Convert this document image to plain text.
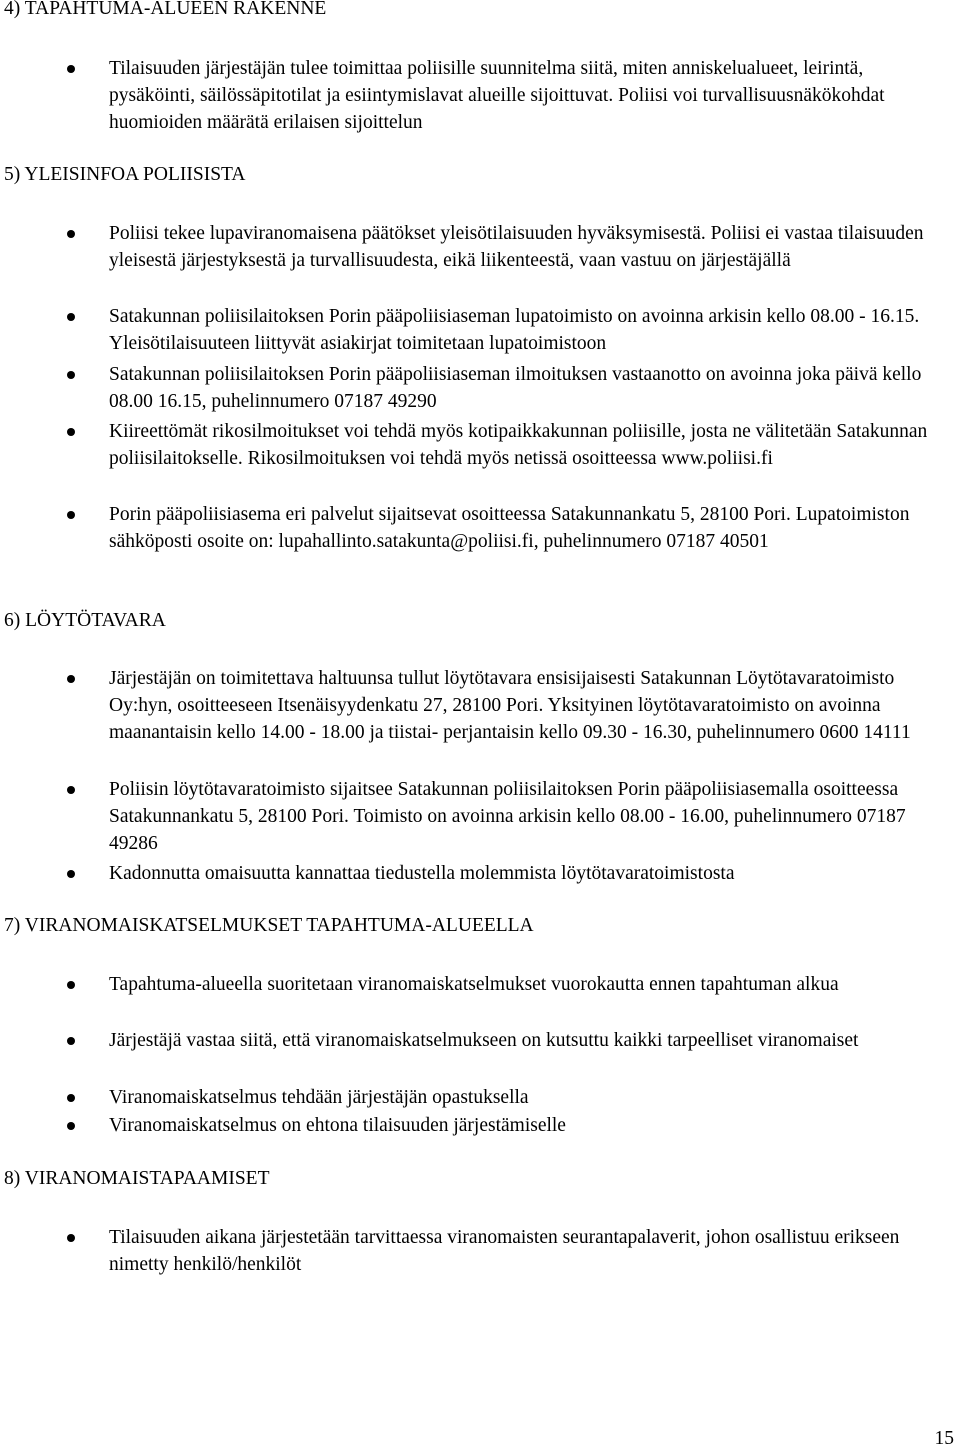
4) TAPAHTUMA-ALUEEN RAKENNE
Tilaisuuden järjestäjän tulee toimittaa poliisille suunnitelma siitä, miten anniskelualueet, leirintä, pysäköinti, säilössäpitotilat ja esiintymislavat alueille sijoittuvat. Poliisi voi turvallisuusnäkökohdat huomioiden määrätä erilaisen sijoittelun
5) YLEISINFOA POLIISISTA
Poliisi tekee lupaviranomaisena päätökset yleisötilaisuuden hyväksymisestä. Poliisi ei vastaa tilaisuuden yleisestä järjestyksestä ja turvallisuudesta, eikä liikenteestä, vaan vastuu on järjestäjällä
Satakunnan poliisilaitoksen Porin pääpoliisiaseman lupatoimisto on avoinna arkisin kello 08.00 - 16.15. Yleisötilaisuuteen liittyvät asiakirjat toimitetaan lupatoimistoon
Satakunnan poliisilaitoksen Porin pääpoliisiaseman ilmoituksen vastaanotto on avoinna joka päivä kello 08.00 16.15, puhelinnumero 07187 49290
Kiireettömät rikosilmoitukset voi tehdä myös kotipaikkakunnan poliisille, josta ne välitetään Satakunnan poliisilaitokselle. Rikosilmoituksen voi tehdä myös netissä osoitteessa www.poliisi.fi
Porin pääpoliisiasema eri palvelut sijaitsevat osoitteessa Satakunnankatu 5, 28100 Pori. Lupatoimiston sähköposti osoite on: lupahallinto.satakunta@poliisi.fi, puhelinnumero 07187 40501
6) LÖYTÖTAVARA
Järjestäjän on toimitettava haltuunsa tullut löytötavara ensisijaisesti Satakunnan Löytötavaratoimisto Oy:hyn, osoitteeseen Itsenäisyydenkatu 27, 28100 Pori. Yksityinen löytötavaratoimisto on avoinna maanantaisin kello 14.00 - 18.00 ja tiistai- perjantaisin kello 09.30 - 16.30, puhelinnumero 0600 14111
Poliisin löytötavaratoimisto sijaitsee Satakunnan poliisilaitoksen Porin pääpoliisiasemalla osoitteessa Satakunnankatu 5, 28100 Pori. Toimisto on avoinna arkisin kello 08.00 - 16.00, puhelinnumero 07187 49286
Kadonnutta omaisuutta kannattaa tiedustella molemmista löytötavaratoimistosta
7) VIRANOMAISKATSELMUKSET TAPAHTUMA-ALUEELLA
Tapahtuma-alueella suoritetaan viranomaiskatselmukset vuorokautta ennen tapahtuman alkua
Järjestäjä vastaa siitä, että viranomaiskatselmukseen on kutsuttu kaikki tarpeelliset viranomaiset
Viranomaiskatselmus tehdään järjestäjän opastuksella
Viranomaiskatselmus on ehtona tilaisuuden järjestämiselle
8) VIRANOMAISTAPAAMISET
Tilaisuuden aikana järjestetään tarvittaessa viranomaisten seurantapalaverit, johon osallistuu erikseen nimetty henkilö/henkilöt
15
